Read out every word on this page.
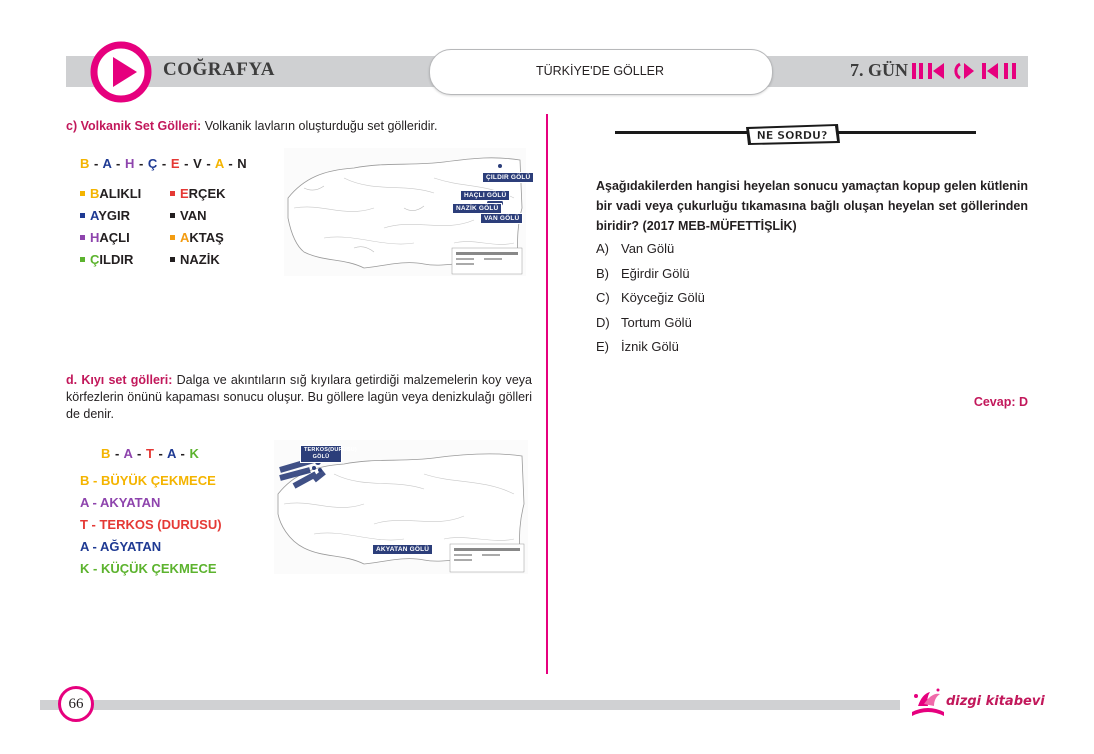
COĞRAFYA	TÜRKİYE'DE GÖLLER	7. GÜN
c) Volkanik Set Gölleri: Volkanik lavların oluşturduğu set gölleridir.
B - A - H - Ç - E - V - A - N
BALIKLI
AYGIR
HAÇLI
ÇILDIR
ERÇEK
VAN
AKTAŞ
NAZİK
ÇILDIR GÖLÜ
HAÇLI GÖLÜ
NAZİK GÖLÜ
VAN GÖLÜ
d. Kıyı set gölleri: Dalga ve akıntıların sığ kıyılara getirdiği malzemelerin koy veya körfezlerin önünü kapaması sonucu oluşur. Bu göllere lagün veya denizkulağı gölleri de denir.
B - A - T - A - K
B - BÜYÜK ÇEKMECE
A - AKYATAN
T - TERKOS (DURUSU)
A - AĞYATAN
K - KÜÇÜK ÇEKMECE
TERKOS(DURUSU) GÖLÜ
AKYATAN GÖLÜ
NE SORDU?
Aşağıdakilerden hangisi heyelan sonucu yamaçtan kopup gelen kütlenin bir vadi veya çukurluğu tıkamasına bağlı oluşan heyelan set göllerinden biridir? (2017 MEB-MÜFETTİŞLİK)
A) Van Gölü
B) Eğirdir Gölü
C) Köyceğiz Gölü
D) Tortum Gölü
E) İznik Gölü
Cevap: D
66	dizgi kitabevi
